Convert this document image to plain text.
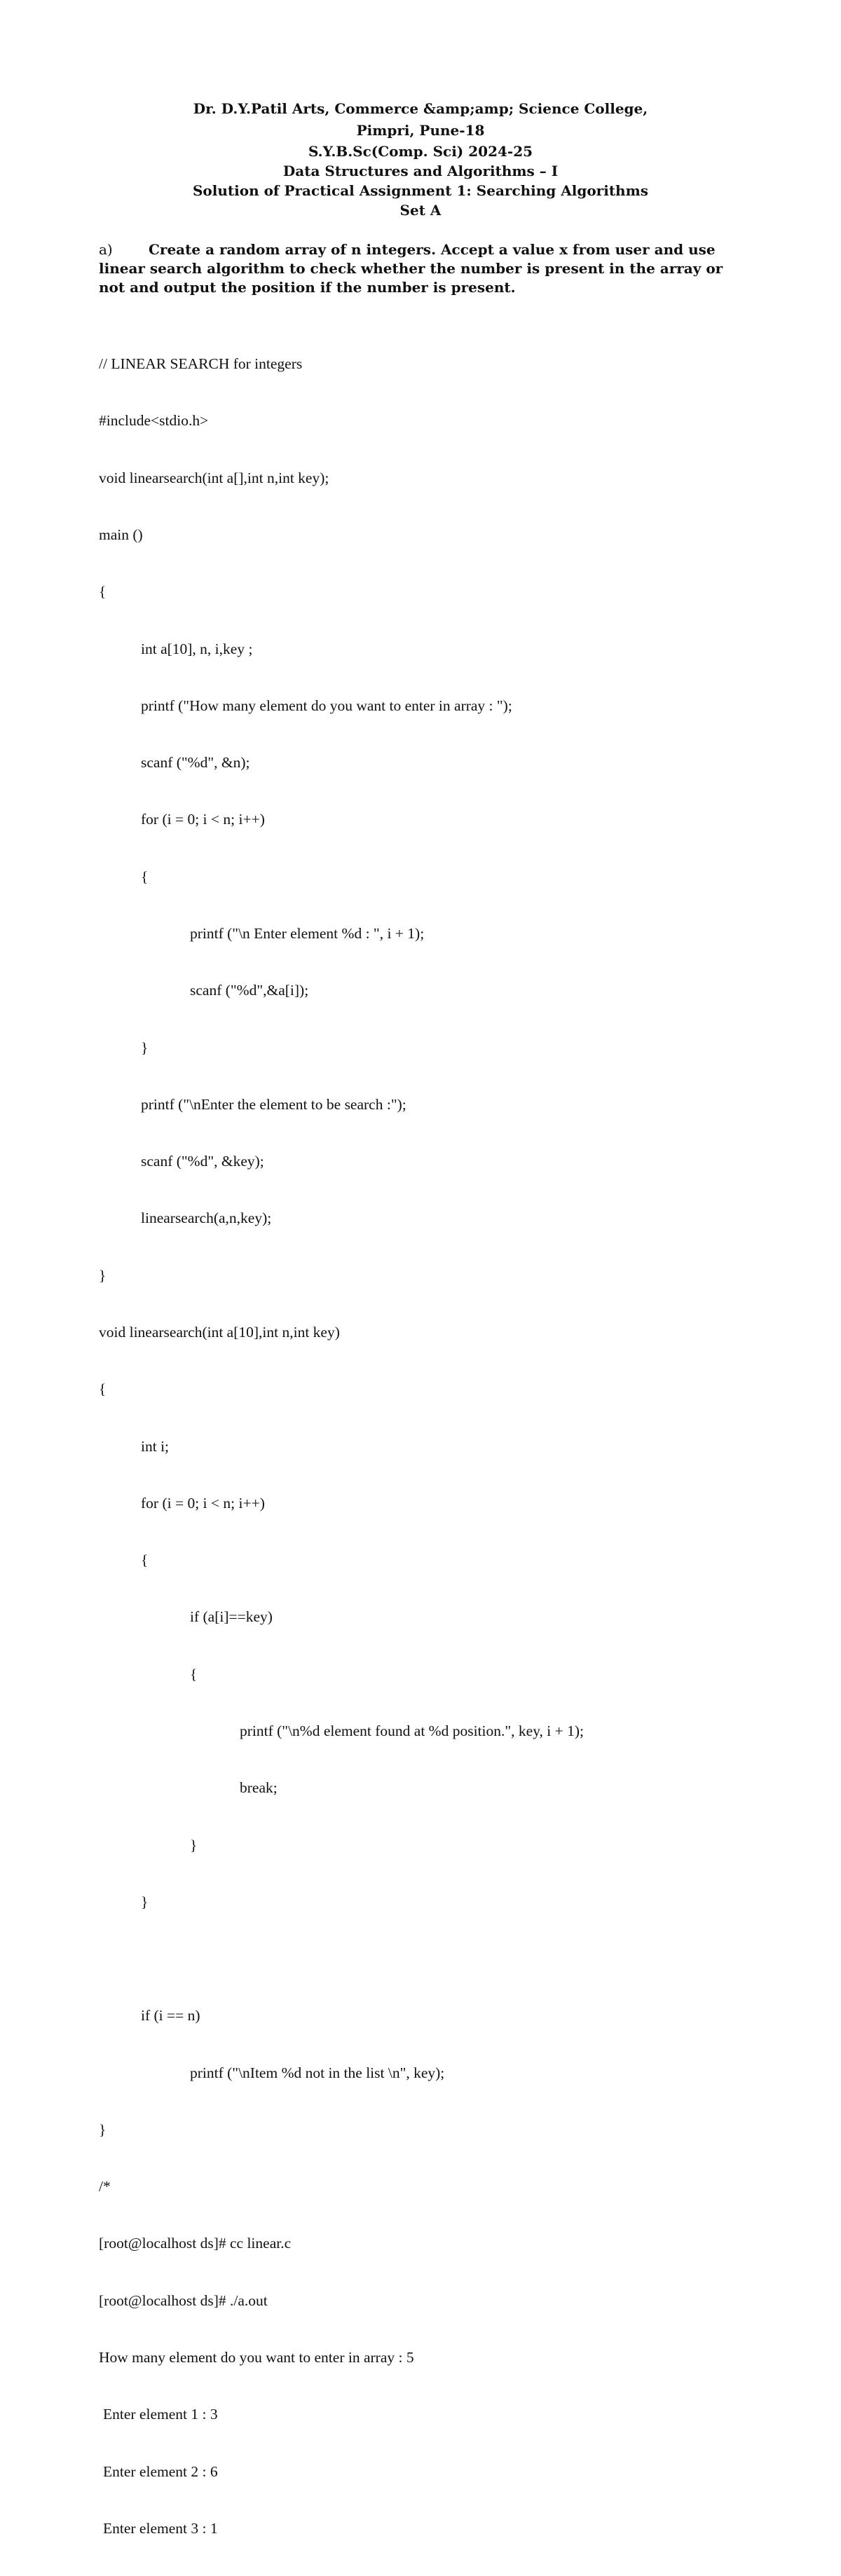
Dr. D.Y.Patil Arts, Commerce &amp;amp; Science College,
Pimpri, Pune-18
S.Y.B.Sc(Comp. Sci) 2024-25
Data Structures and Algorithms – I
Solution of Practical Assignment 1: Searching Algorithms
Set A
a)	Create a random array of n integers. Accept a value x from user and use linear search algorithm to check whether the number is present in the array or not and output the position if the number is present.

// LINEAR SEARCH for integers

#include<stdio.h>

void linearsearch(int a[],int n,int key);

main ()

{

int a[10], n, i,key ;

printf ("How many element do you want to enter in array : ");

scanf ("%d", &n);

for (i = 0; i < n; i++)

{

printf ("\n Enter element %d : ", i + 1);

scanf ("%d",&a[i]);

}

printf ("\nEnter the element to be search :");

scanf ("%d", &key);

linearsearch(a,n,key);

}

void linearsearch(int a[10],int n,int key)

{

int i;

for (i = 0; i < n; i++)

{

if (a[i]==key)

{

printf ("\n%d element found at %d position.", key, i + 1);

break;

}

}

if (i == n)

printf ("\nItem %d not in the list \n", key);

}

/*

[root@localhost ds]# cc linear.c

[root@localhost ds]# ./a.out

How many element do you want to enter in array : 5

Enter element 1 : 3

Enter element 2 : 6

Enter element 3 : 1
